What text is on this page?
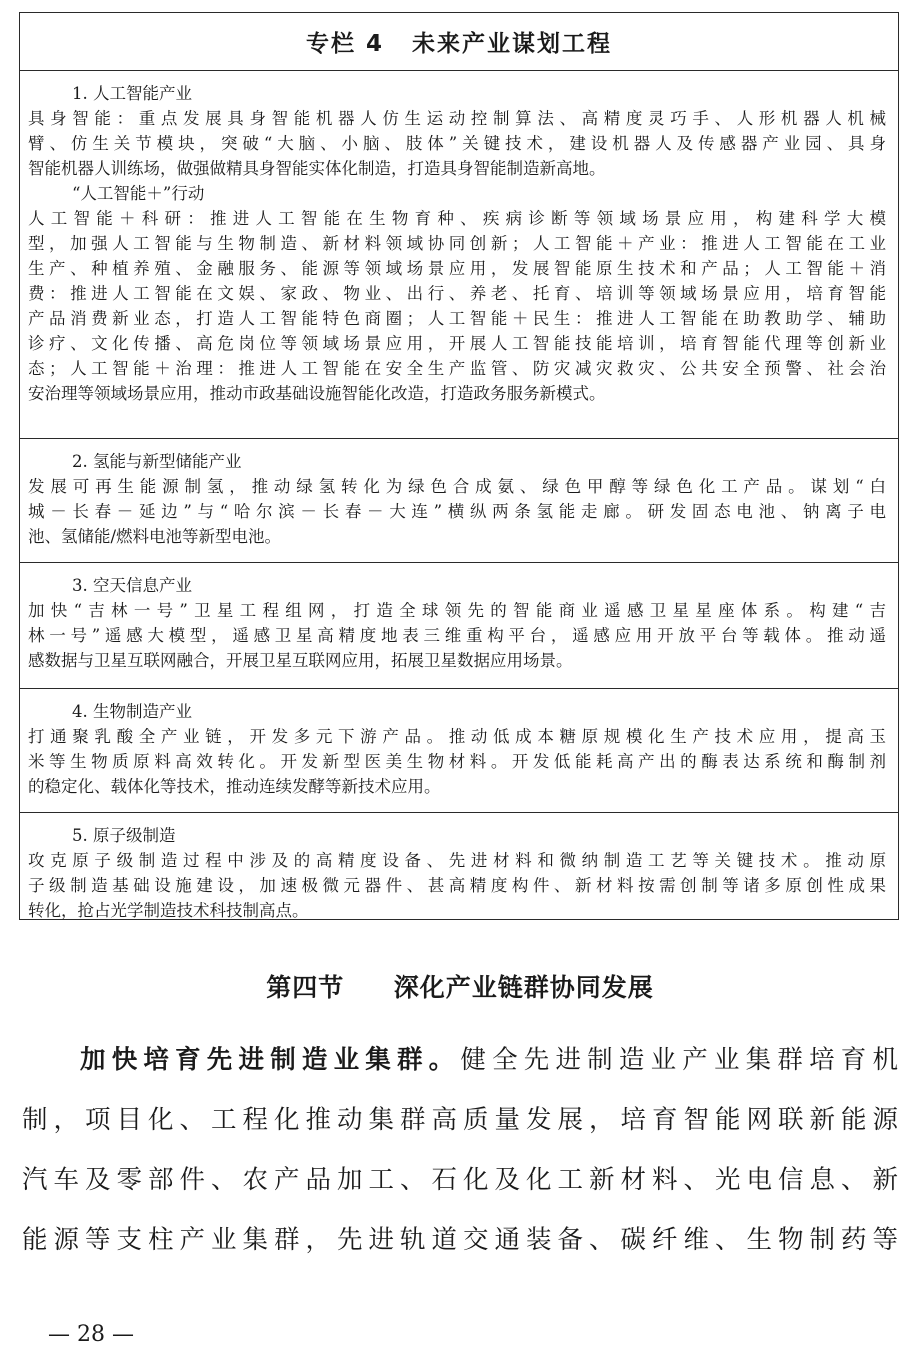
专栏 4 未来产业谋划工程
1. 人工智能产业
具身智能：重点发展具身智能机器人仿生运动控制算法、高精度灵巧手、人形机器人机械
臂、仿生关节模块，突破“大脑、小脑、肢体”关键技术，建设机器人及传感器产业园、具身
智能机器人训练场，做强做精具身智能实体化制造，打造具身智能制造新高地。
“人工智能＋”行动
人工智能＋科研：推进人工智能在生物育种、疾病诊断等领域场景应用，构建科学大模
型，加强人工智能与生物制造、新材料领域协同创新；人工智能＋产业：推进人工智能在工业
生产、种植养殖、金融服务、能源等领域场景应用，发展智能原生技术和产品；人工智能＋消
费：推进人工智能在文娱、家政、物业、出行、养老、托育、培训等领域场景应用，培育智能
产品消费新业态，打造人工智能特色商圈；人工智能＋民生：推进人工智能在助教助学、辅助
诊疗、文化传播、高危岗位等领域场景应用，开展人工智能技能培训，培育智能代理等创新业
态；人工智能＋治理：推进人工智能在安全生产监管、防灾减灾救灾、公共安全预警、社会治
安治理等领域场景应用，推动市政基础设施智能化改造，打造政务服务新模式。
2. 氢能与新型储能产业
发展可再生能源制氢，推动绿氢转化为绿色合成氨、绿色甲醇等绿色化工产品。谋划“白
城－长春－延边”与“哈尔滨－长春－大连”横纵两条氢能走廊。研发固态电池、钠离子电
池、氢储能/燃料电池等新型电池。
3. 空天信息产业
加快“吉林一号”卫星工程组网，打造全球领先的智能商业遥感卫星星座体系。构建“吉
林一号”遥感大模型，遥感卫星高精度地表三维重构平台，遥感应用开放平台等载体。推动遥
感数据与卫星互联网融合，开展卫星互联网应用，拓展卫星数据应用场景。
4. 生物制造产业
打通聚乳酸全产业链，开发多元下游产品。推动低成本糖原规模化生产技术应用，提高玉
米等生物质原料高效转化。开发新型医美生物材料。开发低能耗高产出的酶表达系统和酶制剂
的稳定化、载体化等技术，推动连续发酵等新技术应用。
5. 原子级制造
攻克原子级制造过程中涉及的高精度设备、先进材料和微纳制造工艺等关键技术。推动原
子级制造基础设施建设，加速极微元器件、甚高精度构件、新材料按需创制等诸多原创性成果
转化，抢占光学制造技术科技制高点。
第四节 深化产业链群协同发展
加快培育先进制造业集群。健全先进制造业产业集群培育机
制，项目化、工程化推动集群高质量发展，培育智能网联新能源
汽车及零部件、农产品加工、石化及化工新材料、光电信息、新
能源等支柱产业集群，先进轨道交通装备、碳纤维、生物制药等
— 28 —
